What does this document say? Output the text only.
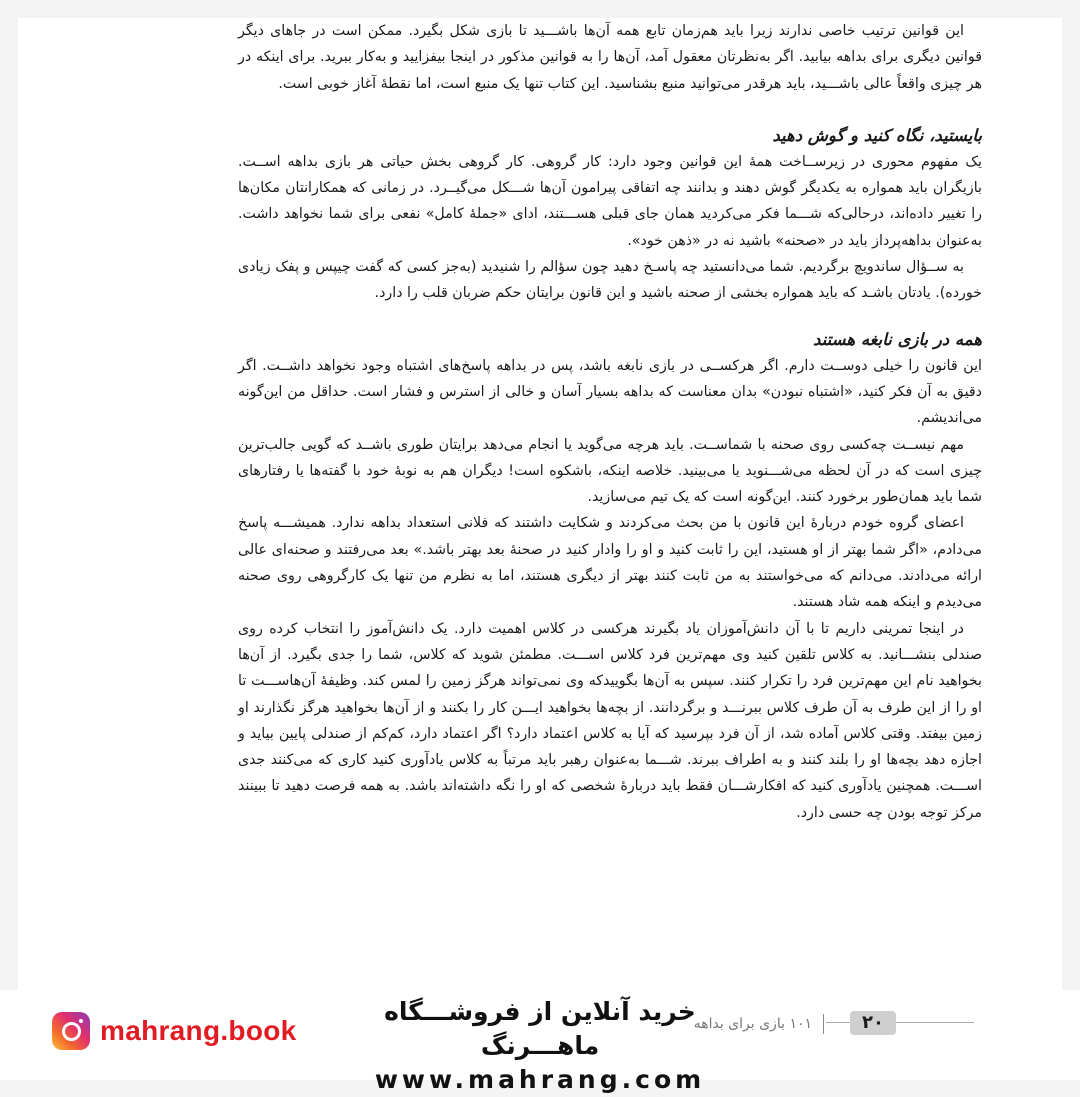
این قوانین ترتیب خاصی ندارند زیرا باید هم‌زمان تابع همه آن‌ها باشـــید تا بازی شکل بگیرد. ممکن است در جاهای دیگر قوانین دیگری برای بداهه بیابید. اگر به‌نظرتان معقول آمد، آن‌ها را به قوانین مذکور در اینجا بیفزایید و به‌کار ببرید. برای اینکه در هر چیزی واقعاً عالی باشـــید، باید هرقدر می‌توانید منبع بشناسید. این کتاب تنها یک منبع است، اما نقطهٔ آغاز خوبی است.

بایستید، نگاه کنید و گوش دهید

یک مفهوم محوری در زیرســاخت همهٔ این قوانین وجود دارد: کار گروهی. کار گروهی بخش حیاتی هر بازی بداهه اســت. بازیگران باید همواره به یکدیگر گوش دهند و بدانند چه اتفاقی پیرامون آن‌ها شـــکل می‌گیــرد. در زمانی که همکارانتان مکان‌ها را تغییر داده‌اند، درحالی‌که شـــما فکر می‌کردید همان جای قبلی هســـتند، ادای «جملهٔ کامل» نفعی برای شما نخواهد داشت. به‌عنوان بداهه‌پرداز باید در «صحنه» باشید نه در «ذهن خود».

به ســؤال ساندویچ برگردیم. شما می‌دانستید چه پاسـخ دهید چون سؤالم را شنیدید (به‌جز کسی که گفت چیپس و پفک زیادی خورده). یادتان باشـد که باید همواره بخشی از صحنه باشید و این قانون برایتان حکم ضربان قلب را دارد.

همه در بازی نابغه هستند

این قانون را خیلی دوســت دارم. اگر هرکســی در بازی نابغه باشد، پس در بداهه پاسخ‌های اشتباه وجود نخواهد داشــت. اگر دقیق به آن فکر کنید، «اشتباه نبودن» بدان معناست که بداهه بسیار آسان و خالی از استرس و فشار است. حداقل من این‌گونه می‌اندیشم.

مهم نیســت چه‌کسی روی صحنه با شماســت. باید هرچه می‌گوید یا انجام می‌دهد برایتان طوری باشــد که گویی جالب‌ترین چیزی است که در آن لحظه می‌شـــنوید یا می‌بینید. خلاصه اینکه، باشکوه است! دیگران هم به نوبهٔ خود با گفته‌ها یا رفتارهای شما باید همان‌طور برخورد کنند. این‌گونه است که یک تیم می‌سازید.

اعضای گروه خودم دربارهٔ این قانون با من بحث می‌کردند و شکایت داشتند که فلانی استعداد بداهه ندارد. همیشـــه پاسخ می‌دادم، «اگر شما بهتر از او هستید، این را ثابت کنید و او را وادار کنید در صحنهٔ بعد بهتر باشد.» بعد می‌رفتند و صحنه‌ای عالی ارائه می‌دادند. می‌دانم که می‌خواستند به من ثابت کنند بهتر از دیگری هستند، اما به نظرم من تنها یک کارگروهی روی صحنه می‌دیدم و اینکه همه شاد هستند.

در اینجا تمرینی داریم تا با آن دانش‌آموزان یاد بگیرند هرکسی در کلاس اهمیت دارد. یک دانش‌آموز را انتخاب کرده روی صندلی بنشـــانید. به کلاس تلقین کنید وی مهم‌ترین فرد کلاس اســـت. مطمئن شوید که کلاس، شما را جدی بگیرد. از آن‌ها بخواهید نام این مهم‌ترین فرد را تکرار کنند. سپس به آن‌ها بگوییدکه وی نمی‌تواند هرگز زمین را لمس کند. وظیفهٔ آن‌هاســـت تا او را از این طرف به آن طرف کلاس ببرنـــد و برگردانند. از بچه‌ها بخواهید ایـــن کار را بکنند و از آن‌ها بخواهید هرگز نگذارند او زمین بیفتد. وقتی کلاس آماده شد، از آن فرد بپرسید که آیا به کلاس اعتماد دارد؟ اگر اعتماد دارد، کم‌کم از صندلی پایین بیاید و اجازه دهد بچه‌ها او را بلند کنند و به اطراف ببرند. شـــما به‌عنوان رهبر باید مرتباً به کلاس یادآوری کنید کاری که می‌کنند جدی اســـت. همچنین یادآوری کنید که افکارشـــان فقط باید دربارهٔ شخصی که او را نگه داشته‌اند باشد. به همه فرصت دهید تا ببینند مرکز توجه بودن چه حسی دارد.

mahrang.book
خرید آنلاین از فروشـــگاه ماهـــرنگ
www.mahrang.com
۱۰۱ بازی برای بداهه	۲۰
